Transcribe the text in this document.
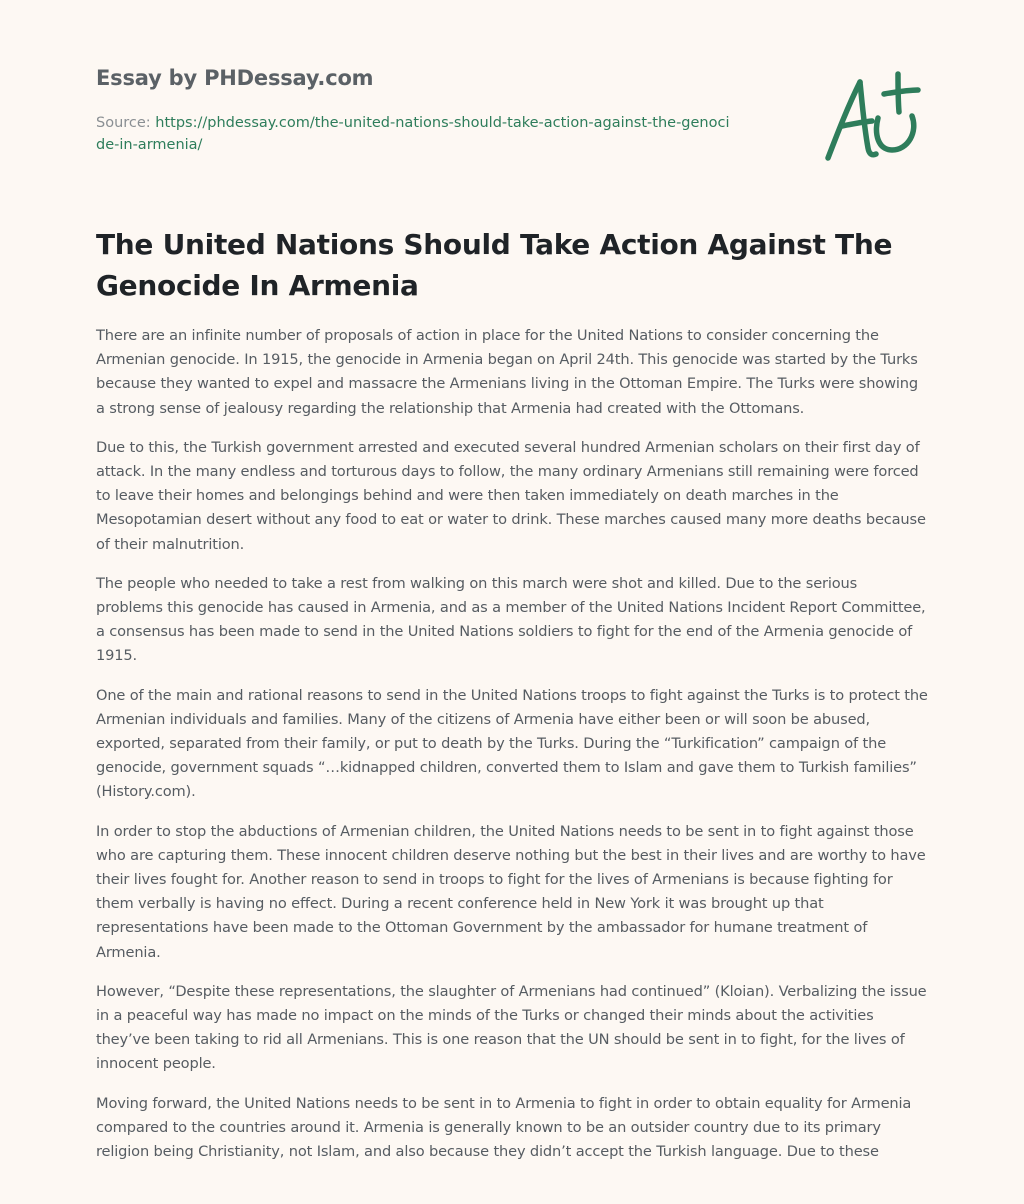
Essay by PHDessay.com
Source: https://phdessay.com/the-united-nations-should-take-action-against-the-genocide-in-armenia/
The United Nations Should Take Action Against The Genocide In Armenia

There are an infinite number of proposals of action in place for the United Nations to consider concerning the Armenian genocide. In 1915, the genocide in Armenia began on April 24th. This genocide was started by the Turks because they wanted to expel and massacre the Armenians living in the Ottoman Empire. The Turks were showing a strong sense of jealousy regarding the relationship that Armenia had created with the Ottomans.

Due to this, the Turkish government arrested and executed several hundred Armenian scholars on their first day of attack. In the many endless and torturous days to follow, the many ordinary Armenians still remaining were forced to leave their homes and belongings behind and were then taken immediately on death marches in the Mesopotamian desert without any food to eat or water to drink. These marches caused many more deaths because of their malnutrition.

The people who needed to take a rest from walking on this march were shot and killed. Due to the serious problems this genocide has caused in Armenia, and as a member of the United Nations Incident Report Committee, a consensus has been made to send in the United Nations soldiers to fight for the end of the Armenia genocide of 1915.

One of the main and rational reasons to send in the United Nations troops to fight against the Turks is to protect the Armenian individuals and families. Many of the citizens of Armenia have either been or will soon be abused, exported, separated from their family, or put to death by the Turks. During the “Turkification” campaign of the genocide, government squads “…kidnapped children, converted them to Islam and gave them to Turkish families” (History.com).

In order to stop the abductions of Armenian children, the United Nations needs to be sent in to fight against those who are capturing them. These innocent children deserve nothing but the best in their lives and are worthy to have their lives fought for. Another reason to send in troops to fight for the lives of Armenians is because fighting for them verbally is having no effect. During a recent conference held in New York it was brought up that representations have been made to the Ottoman Government by the ambassador for humane treatment of Armenia.

However, “Despite these representations, the slaughter of Armenians had continued” (Kloian). Verbalizing the issue in a peaceful way has made no impact on the minds of the Turks or changed their minds about the activities they’ve been taking to rid all Armenians. This is one reason that the UN should be sent in to fight, for the lives of innocent people.

Moving forward, the United Nations needs to be sent in to Armenia to fight in order to obtain equality for Armenia compared to the countries around it. Armenia is generally known to be an outsider country due to its primary religion being Christianity, not Islam, and also because they didn’t accept the Turkish language. Due to these
